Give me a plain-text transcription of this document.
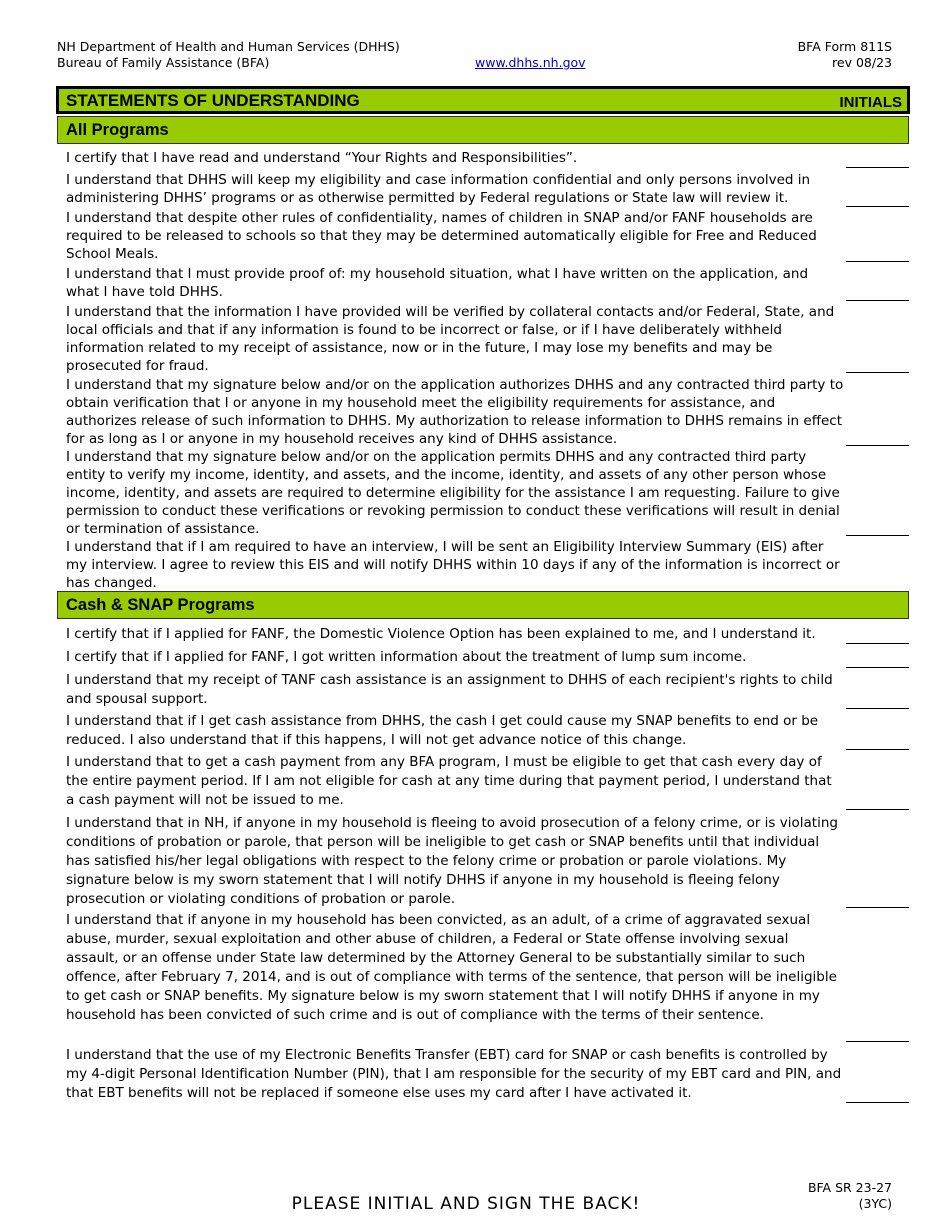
NH Department of Health and Human Services (DHHS)
Bureau of Family Assistance (BFA)	www.dhhs.nh.gov
BFA Form 811S
rev 08/23
STATEMENTS OF UNDERSTANDING	INITIALS
All Programs
I certify that I have read and understand “Your Rights and Responsibilities”.
I understand that DHHS will keep my eligibility and case information confidential and only persons involved in administering DHHS’ programs or as otherwise permitted by Federal regulations or State law will review it.
I understand that despite other rules of confidentiality, names of children in SNAP and/or FANF households are required to be released to schools so that they may be determined automatically eligible for Free and Reduced School Meals.
I understand that I must provide proof of: my household situation, what I have written on the application, and what I have told DHHS.
I understand that the information I have provided will be verified by collateral contacts and/or Federal, State, and local officials and that if any information is found to be incorrect or false, or if I have deliberately withheld information related to my receipt of assistance, now or in the future, I may lose my benefits and may be prosecuted for fraud.
I understand that my signature below and/or on the application authorizes DHHS and any contracted third party to obtain verification that I or anyone in my household meet the eligibility requirements for assistance, and authorizes release of such information to DHHS. My authorization to release information to DHHS remains in effect for as long as I or anyone in my household receives any kind of DHHS assistance.
I understand that my signature below and/or on the application permits DHHS and any contracted third party entity to verify my income, identity, and assets, and the income, identity, and assets of any other person whose income, identity, and assets are required to determine eligibility for the assistance I am requesting. Failure to give permission to conduct these verifications or revoking permission to conduct these verifications will result in denial or termination of assistance.
I understand that if I am required to have an interview, I will be sent an Eligibility Interview Summary (EIS) after my interview. I agree to review this EIS and will notify DHHS within 10 days if any of the information is incorrect or has changed.
Cash & SNAP Programs
I certify that if I applied for FANF, the Domestic Violence Option has been explained to me, and I understand it.
I certify that if I applied for FANF, I got written information about the treatment of lump sum income.
I understand that my receipt of TANF cash assistance is an assignment to DHHS of each recipient's rights to child and spousal support.
I understand that if I get cash assistance from DHHS, the cash I get could cause my SNAP benefits to end or be reduced. I also understand that if this happens, I will not get advance notice of this change.
I understand that to get a cash payment from any BFA program, I must be eligible to get that cash every day of the entire payment period. If I am not eligible for cash at any time during that payment period, I understand that a cash payment will not be issued to me.
I understand that in NH, if anyone in my household is fleeing to avoid prosecution of a felony crime, or is violating conditions of probation or parole, that person will be ineligible to get cash or SNAP benefits until that individual has satisfied his/her legal obligations with respect to the felony crime or probation or parole violations. My signature below is my sworn statement that I will notify DHHS if anyone in my household is fleeing felony prosecution or violating conditions of probation or parole.
I understand that if anyone in my household has been convicted, as an adult, of a crime of aggravated sexual abuse, murder, sexual exploitation and other abuse of children, a Federal or State offense involving sexual assault, or an offense under State law determined by the Attorney General to be substantially similar to such offence, after February 7, 2014, and is out of compliance with terms of the sentence, that person will be ineligible to get cash or SNAP benefits. My signature below is my sworn statement that I will notify DHHS if anyone in my household has been convicted of such crime and is out of compliance with the terms of their sentence.
I understand that the use of my Electronic Benefits Transfer (EBT) card for SNAP or cash benefits is controlled by my 4-digit Personal Identification Number (PIN), that I am responsible for the security of my EBT card and PIN, and that EBT benefits will not be replaced if someone else uses my card after I have activated it.
BFA SR 23-27
(3YC)
PLEASE INITIAL AND SIGN THE BACK!
